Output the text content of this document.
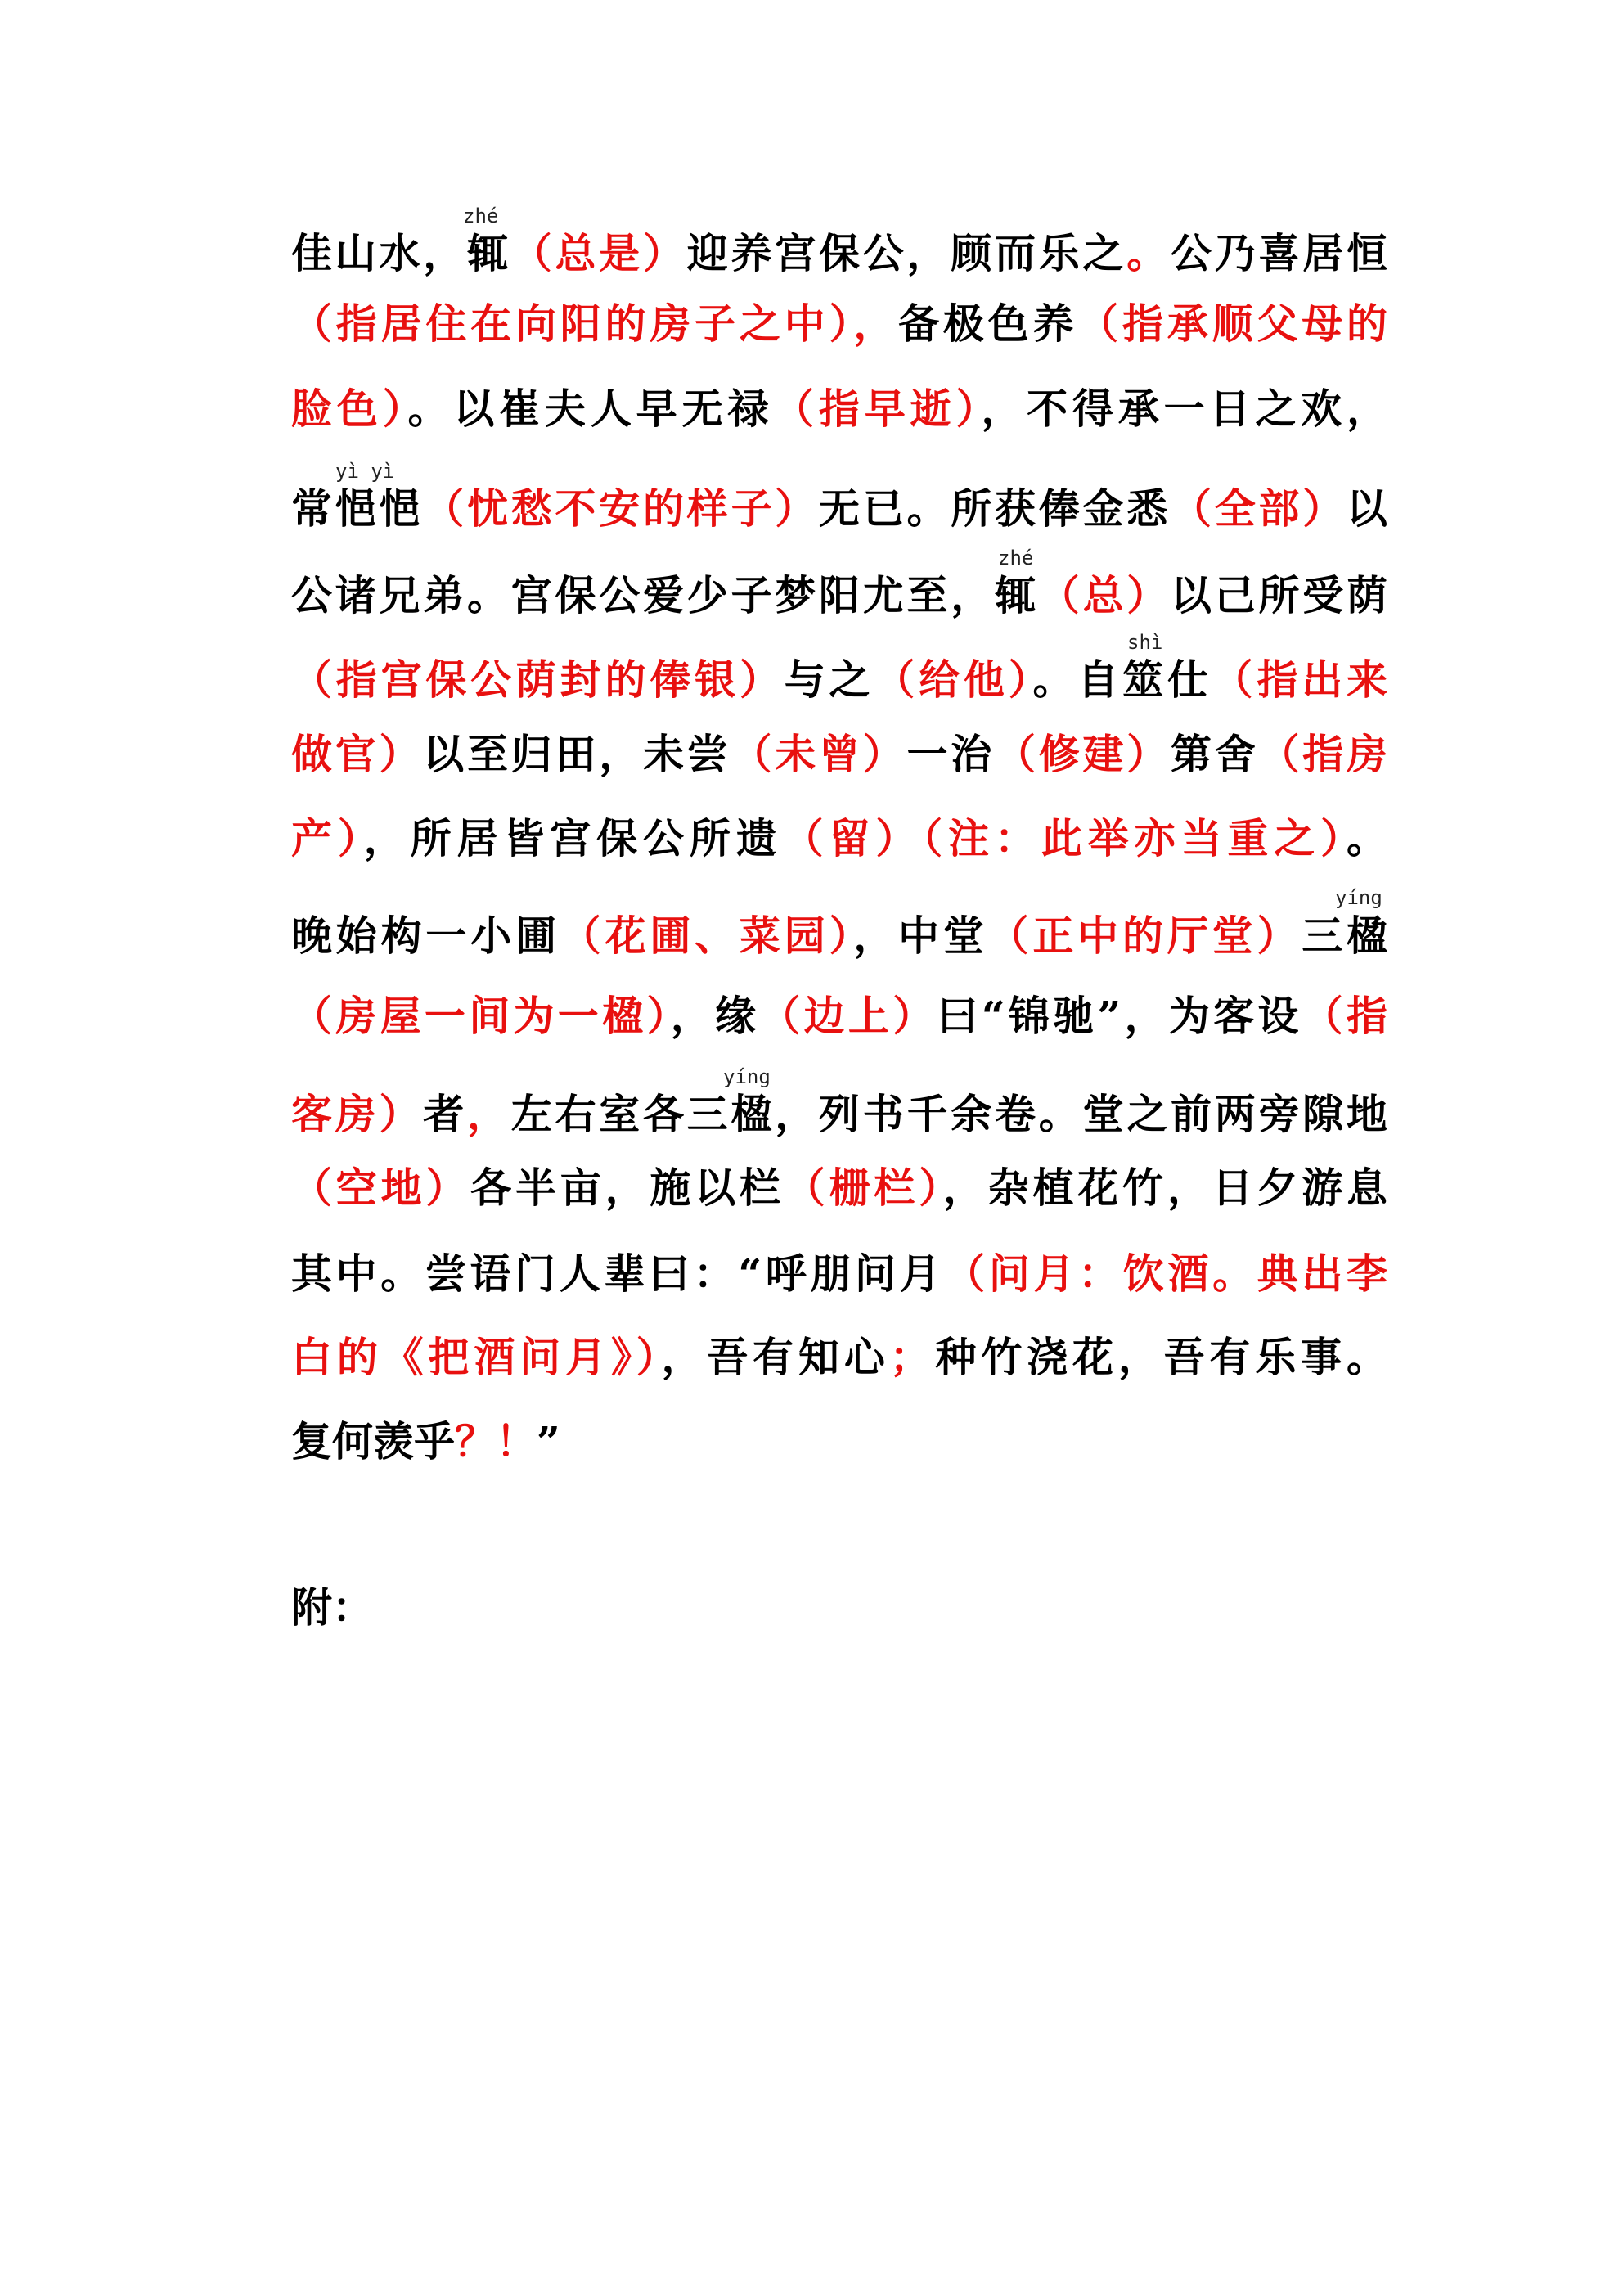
佳山水，辄（总是）迎养宫保公，顾而乐之。公乃喜居恒
（指居住在向阳的房子之中），备极色养（指承顺父母的
脸色）。以崔夫人早无禄（指早逝），不得承一日之欢，
常悒悒（忧愁不安的样子）无已。所获俸金悉（全部）以
公诸兄弟。宫保公爱少子梦阳尤至，辄（总）以己所受荫
（指宫保公荫封的俸银）与之（给他）。自筮仕（指出来
做官）以至归田，未尝（未曾）一治（修建）第舍（指房
产），所居皆宫保公所遗（留）（注：此举亦当重之）。
晚始构一小圃（花圃、菜园），中堂（正中的厅堂）三楹
（房屋一间为一楹），缘（边上）曰“锦驰”，为客设（指
客房）者，左右室各三楹，列书千余卷。堂之前两旁隙地
（空地）各半亩，施以栏（栅栏），杂植花竹，日夕游息
其中。尝语门人辈曰：“呼朋问月（问月：饮酒。典出李
白的《把酒问月》），吾有知心；种竹浇花，吾有乐事。
复何羡乎？！”
附：
zhé
yì yì
zhé
shì
yíng
yíng
